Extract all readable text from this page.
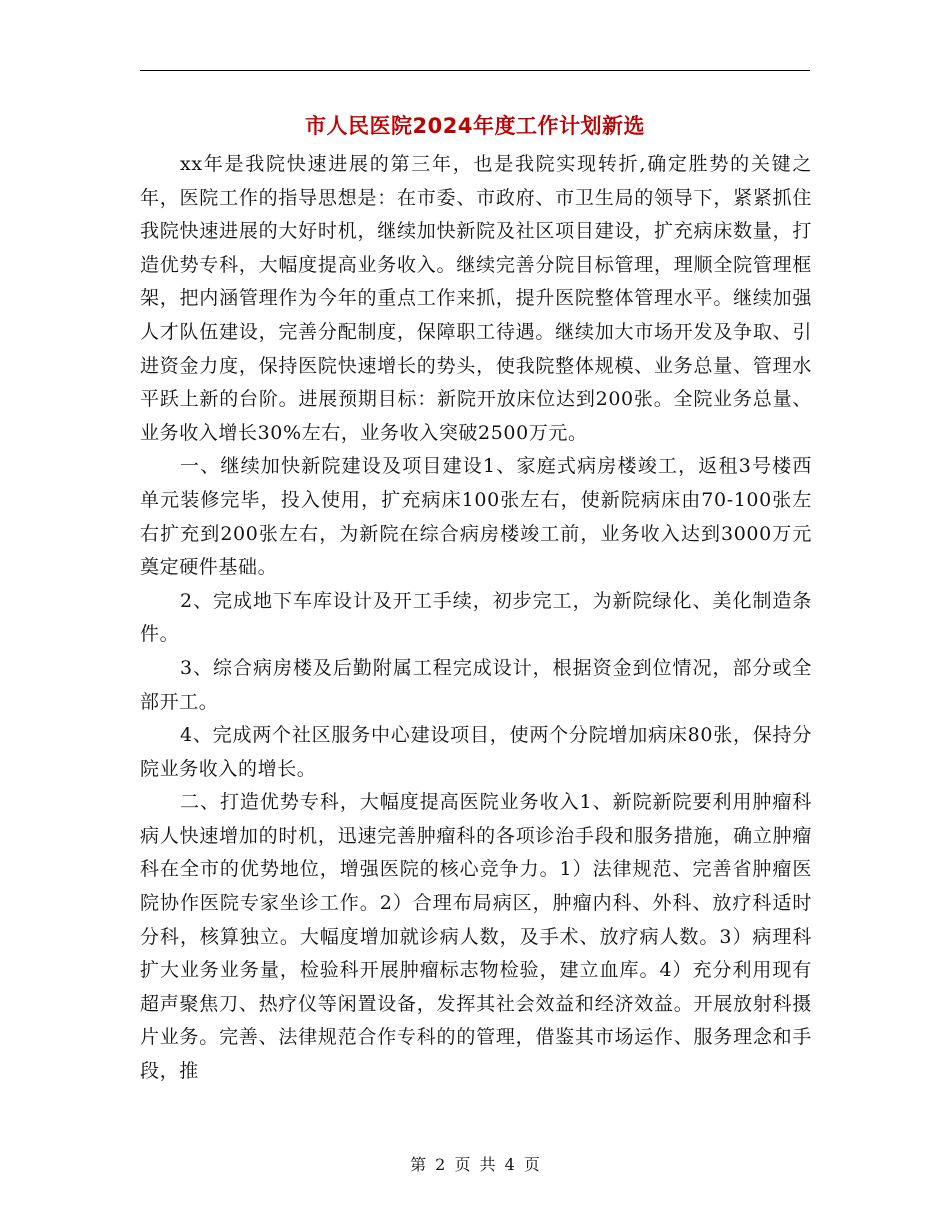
市人民医院2024年度工作计划新选

xx年是我院快速进展的第三年，也是我院实现转折,确定胜势的关键之年，医院工作的指导思想是：在市委、市政府、市卫生局的领导下，紧紧抓住我院快速进展的大好时机，继续加快新院及社区项目建设，扩充病床数量，打造优势专科，大幅度提高业务收入。继续完善分院目标管理，理顺全院管理框架，把内涵管理作为今年的重点工作来抓，提升医院整体管理水平。继续加强人才队伍建设，完善分配制度，保障职工待遇。继续加大市场开发及争取、引进资金力度，保持医院快速增长的势头，使我院整体规模、业务总量、管理水平跃上新的台阶。进展预期目标：新院开放床位达到200张。全院业务总量、业务收入增长30%左右，业务收入突破2500万元。

一、继续加快新院建设及项目建设1、家庭式病房楼竣工，返租3号楼西单元装修完毕，投入使用，扩充病床100张左右，使新院病床由70-100张左右扩充到200张左右，为新院在综合病房楼竣工前，业务收入达到3000万元奠定硬件基础。

2、完成地下车库设计及开工手续，初步完工，为新院绿化、美化制造条件。

3、综合病房楼及后勤附属工程完成设计，根据资金到位情况，部分或全部开工。

4、完成两个社区服务中心建设项目，使两个分院增加病床80张，保持分院业务收入的增长。

二、打造优势专科，大幅度提高医院业务收入1、新院新院要利用肿瘤科病人快速增加的时机，迅速完善肿瘤科的各项诊治手段和服务措施，确立肿瘤科在全市的优势地位，增强医院的核心竞争力。1）法律规范、完善省肿瘤医院协作医院专家坐诊工作。2）合理布局病区，肿瘤内科、外科、放疗科适时分科，核算独立。大幅度增加就诊病人数，及手术、放疗病人数。3）病理科扩大业务业务量，检验科开展肿瘤标志物检验，建立血库。4）充分利用现有超声聚焦刀、热疗仪等闲置设备，发挥其社会效益和经济效益。开展放射科摄片业务。完善、法律规范合作专科的的管理，借鉴其市场运作、服务理念和手段，推

第 2 页 共 4 页
